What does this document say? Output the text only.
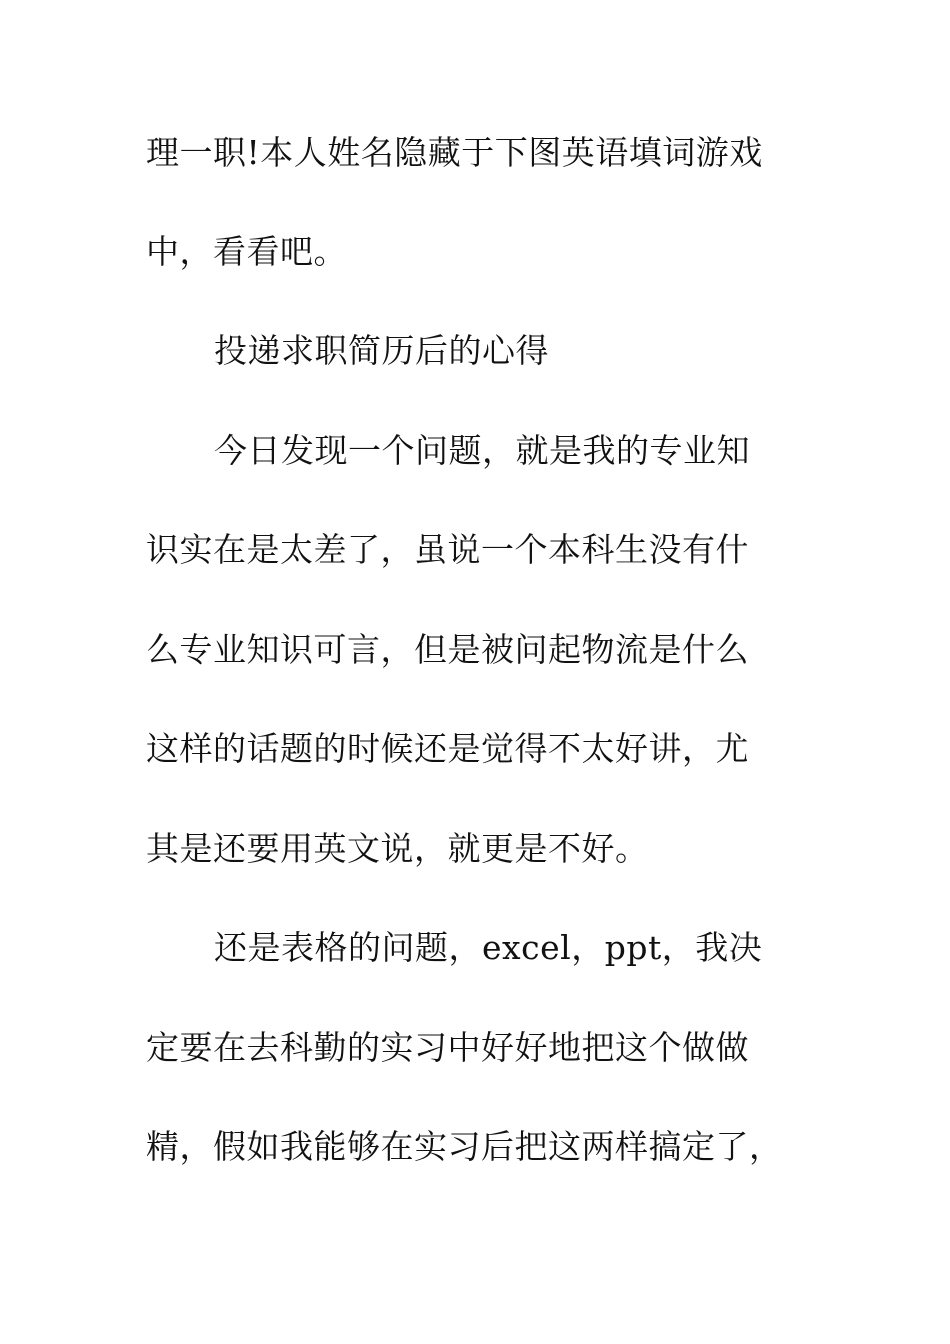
理一职!本人姓名隐藏于下图英语填词游戏
中，看看吧。
投递求职简历后的心得
今日发现一个问题，就是我的专业知
识实在是太差了，虽说一个本科生没有什
么专业知识可言，但是被问起物流是什么
这样的话题的时候还是觉得不太好讲，尤
其是还要用英文说，就更是不好。
还是表格的问题，excel，ppt，我决
定要在去科勤的实习中好好地把这个做做
精，假如我能够在实习后把这两样搞定了，
